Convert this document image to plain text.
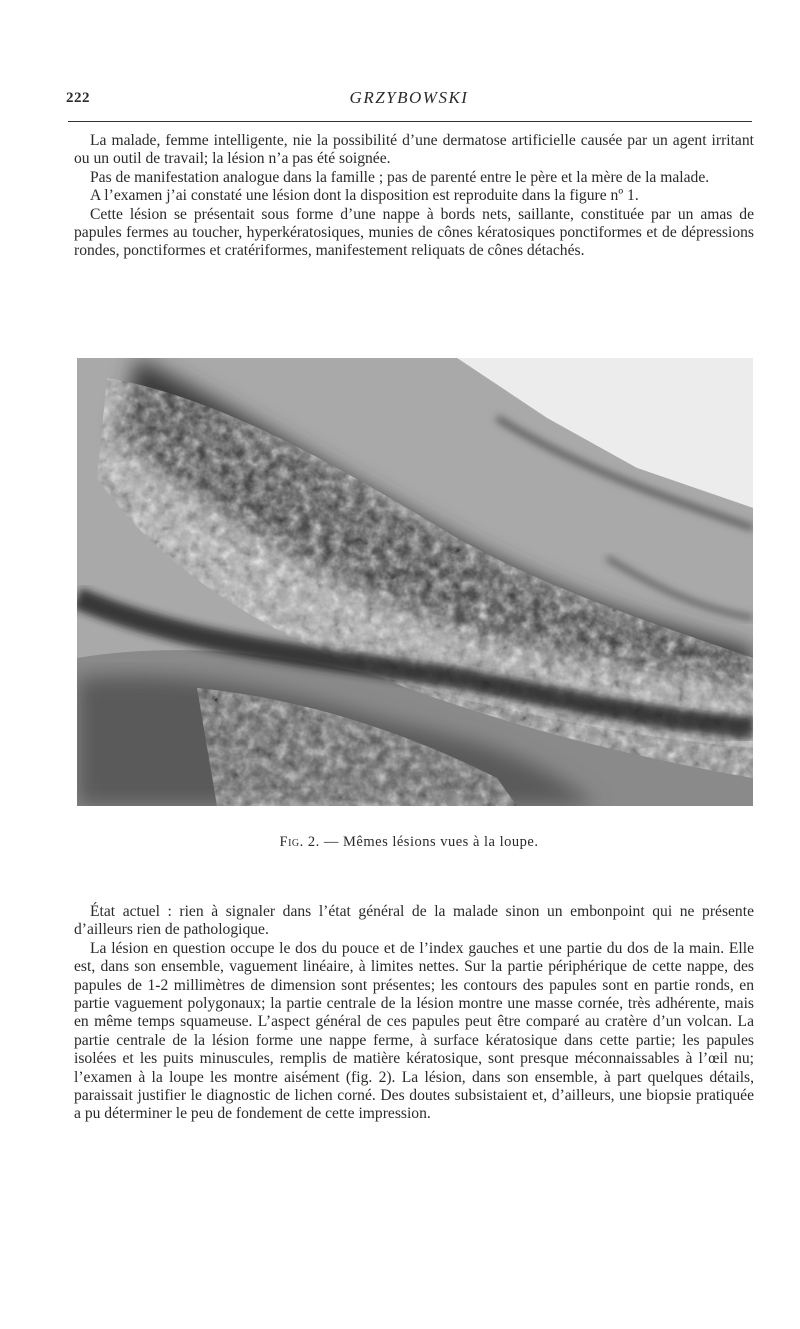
222	GRZYBOWSKI

La malade, femme intelligente, nie la possibilité d’une dermatose artificielle causée par un agent irritant ou un outil de travail; la lésion n’a pas été soignée.

Pas de manifestation analogue dans la famille ; pas de parenté entre le père et la mère de la malade.

A l’examen j’ai constaté une lésion dont la disposition est reproduite dans la figure nº 1.

Cette lésion se présentait sous forme d’une nappe à bords nets, saillante, constituée par un amas de papules fermes au toucher, hyperkératosiques, munies de cônes kératosiques ponctiformes et de dépressions rondes, ponctiformes et cratériformes, manifestement reliquats de cônes détachés.

Fig. 2. — Mêmes lésions vues à la loupe.

État actuel : rien à signaler dans l’état général de la malade sinon un embonpoint qui ne présente d’ailleurs rien de pathologique.

La lésion en question occupe le dos du pouce et de l’index gauches et une partie du dos de la main. Elle est, dans son ensemble, vaguement linéaire, à limites nettes. Sur la partie périphérique de cette nappe, des papules de 1-2 millimètres de dimension sont présentes; les contours des papules sont en partie ronds, en partie vaguement polygonaux; la partie centrale de la lésion montre une masse cornée, très adhérente, mais en même temps squameuse. L’aspect général de ces papules peut être comparé au cratère d’un volcan. La partie centrale de la lésion forme une nappe ferme, à surface kératosique dans cette partie; les papules isolées et les puits minuscules, remplis de matière kératosique, sont presque méconnaissables à l’œil nu; l’examen à la loupe les montre aisément (fig. 2). La lésion, dans son ensemble, à part quelques détails, paraissait justifier le diagnostic de lichen corné. Des doutes subsistaient et, d’ailleurs, une biopsie pratiquée a pu déterminer le peu de fondement de cette impression.
